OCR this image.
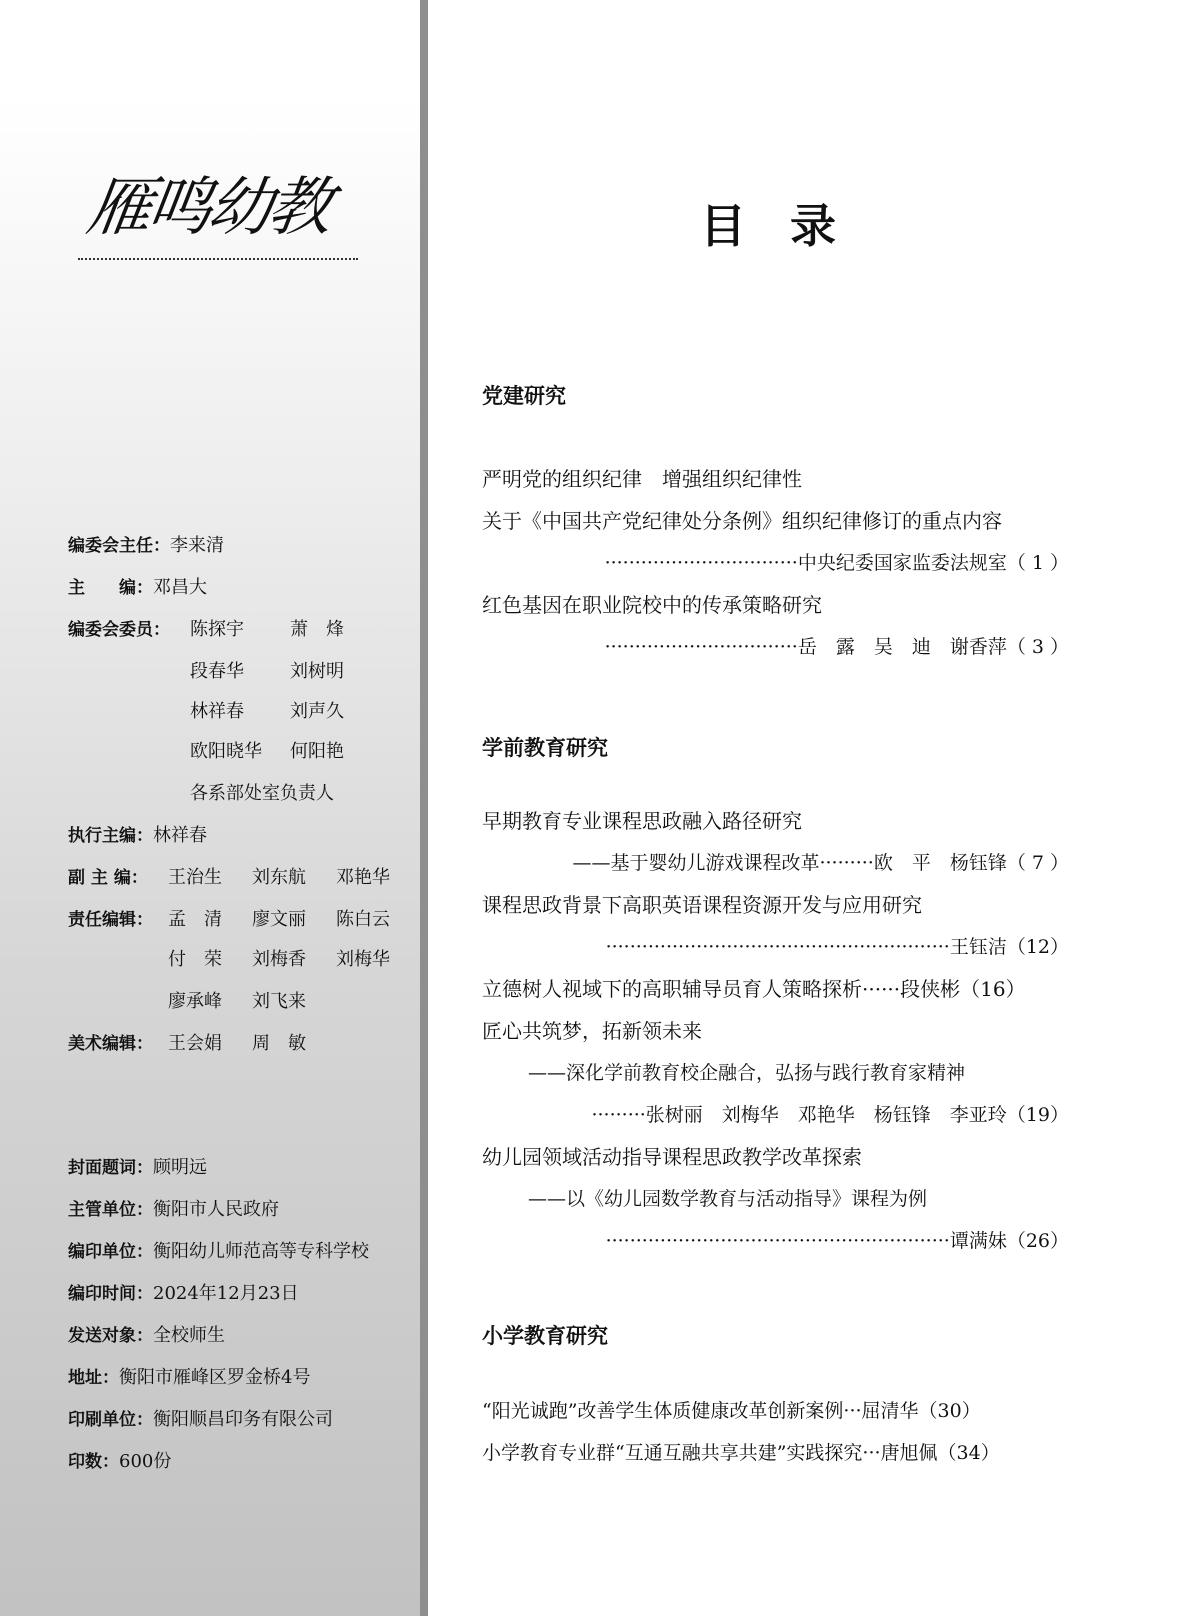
雁鸣幼教
编委会主任：李来清
主　　编：邓昌大
编委会委员： 陈探宇	萧　烽
段春华	刘树明
林祥春	刘声久
欧阳晓华 何阳艳
各系部处室负责人
执行主编：林祥春
副 主 编： 王治生 刘东航 邓艳华
责任编辑： 孟　清 廖文丽 陈白云
付　荣 刘梅香 刘梅华
廖承峰 刘飞来
美术编辑： 王会娟 周　敏
封面题词：顾明远
主管单位：衡阳市人民政府
编印单位：衡阳幼儿师范高等专科学校
编印时间：2024年12月23日
发送对象：全校师生
地址：衡阳市雁峰区罗金桥4号
印刷单位：衡阳顺昌印务有限公司
印数：600份
目录
党建研究
严明党的组织纪律　增强组织纪律性
关于《中国共产党纪律处分条例》组织纪律修订的重点内容
································中央纪委国家监委法规室（ 1 ）
红色基因在职业院校中的传承策略研究
································岳　露　吴　迪　谢香萍（ 3 ）
学前教育研究
早期教育专业课程思政融入路径研究
——基于婴幼儿游戏课程改革·········欧　平　杨钰锋（ 7 ）
课程思政背景下高职英语课程资源开发与应用研究
·························································王钰洁（12）
立德树人视域下的高职辅导员育人策略探析······段侠彬（16）
匠心共筑梦，拓新领未来
——深化学前教育校企融合，弘扬与践行教育家精神
·········张树丽　刘梅华　邓艳华　杨钰锋　李亚玲（19）
幼儿园领域活动指导课程思政教学改革探索
——以《幼儿园数学教育与活动指导》课程为例
·························································谭满妹（26）
小学教育研究
“阳光诚跑”改善学生体质健康改革创新案例···屈清华（30）
小学教育专业群“互通互融共享共建”实践探究···唐旭佩（34）
